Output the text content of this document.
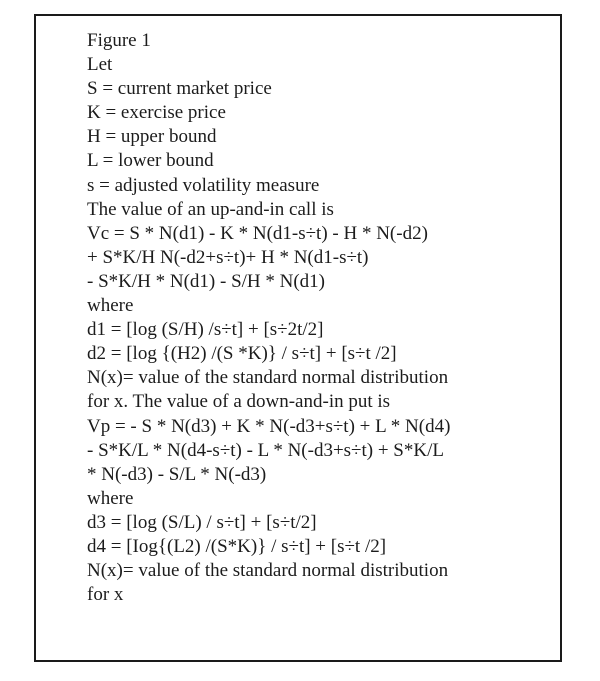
Figure 1
Let
S = current market price
K = exercise price
H = upper bound
L = lower bound
s = adjusted volatility measure
The value of an up-and-in call is
Vc = S * N(d1) - K * N(d1-s÷t) - H * N(-d2)
+ S*K/H N(-d2+s÷t)+ H * N(d1-s÷t)
- S*K/H * N(d1) - S/H * N(d1)
where
d1 = [log (S/H) /s÷t] + [s÷2t/2]
d2 = [log {(H2) /(S *K)} / s÷t] + [s÷t /2]
N(x)= value of the standard normal distribution
for x. The value of a down-and-in put is
Vp = - S * N(d3) + K * N(-d3+s÷t) + L * N(d4)
- S*K/L * N(d4-s÷t) - L * N(-d3+s÷t) + S*K/L
* N(-d3) - S/L * N(-d3)
where
d3 = [log (S/L) / s÷t] + [s÷t/2]
d4 = [Iog{(L2) /(S*K)} / s÷t] + [s÷t /2]
N(x)= value of the standard normal distribution
for x
